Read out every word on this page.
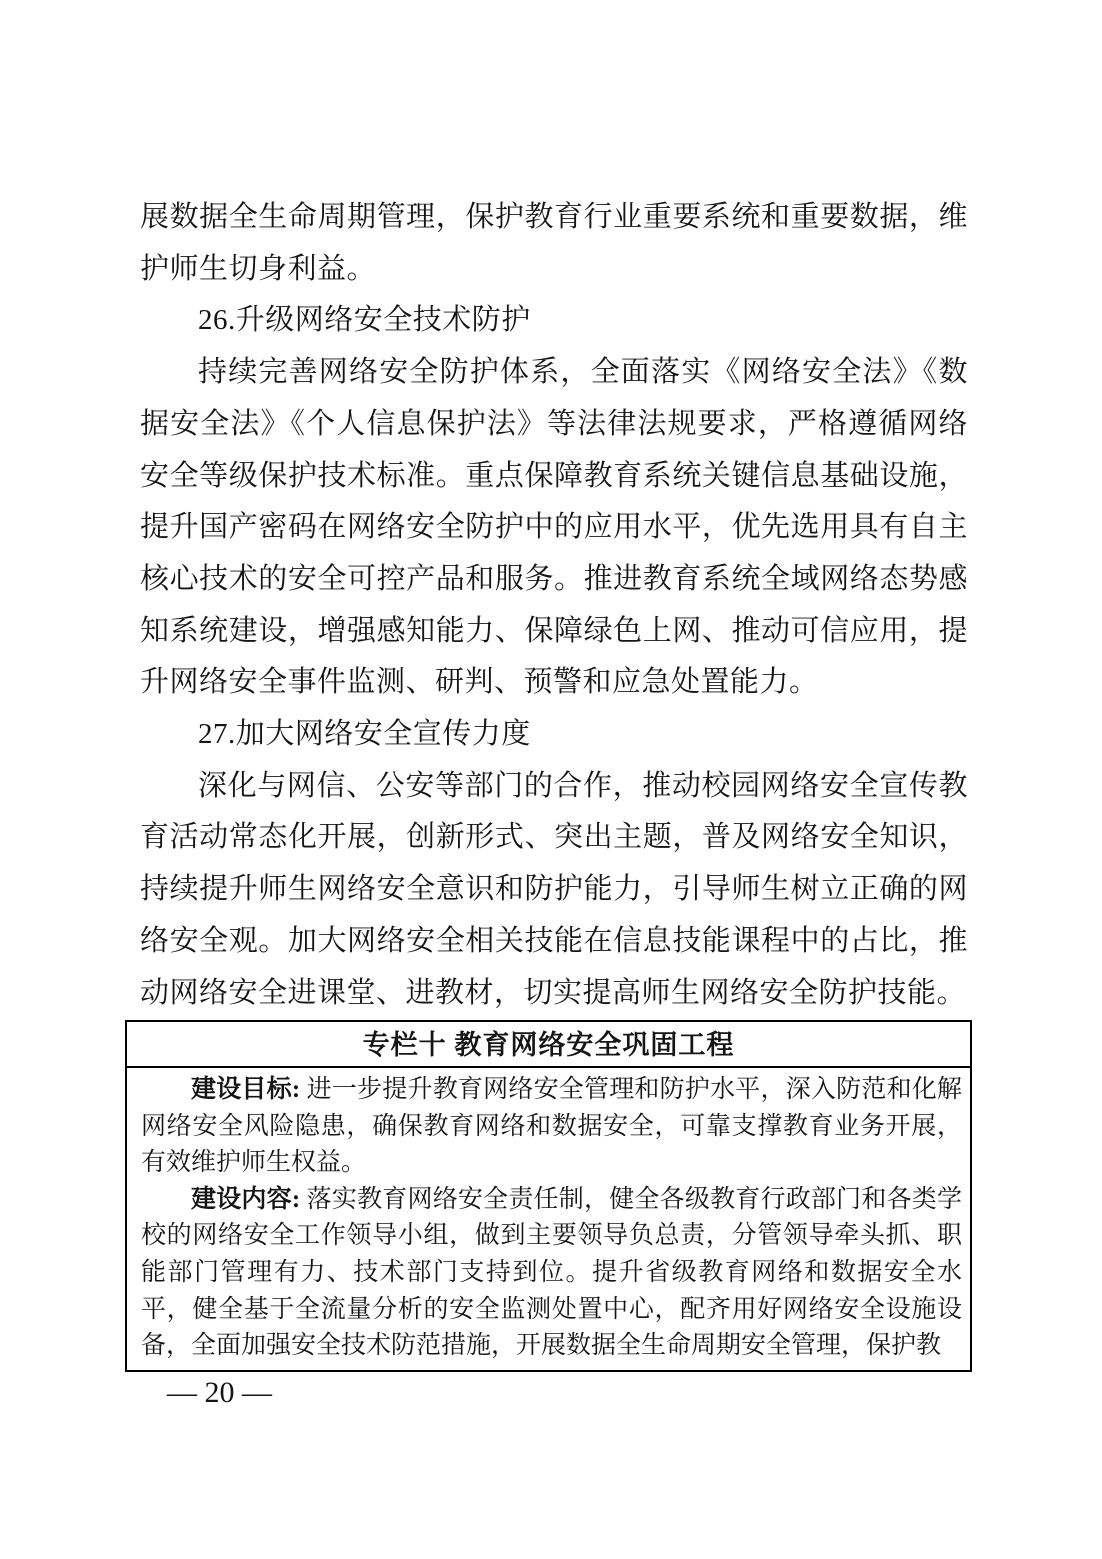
展数据全生命周期管理，保护教育行业重要系统和重要数据，维护师生切身利益。

26.升级网络安全技术防护

持续完善网络安全防护体系，全面落实《网络安全法》《数据安全法》《个人信息保护法》等法律法规要求，严格遵循网络安全等级保护技术标准。重点保障教育系统关键信息基础设施，提升国产密码在网络安全防护中的应用水平，优先选用具有自主核心技术的安全可控产品和服务。推进教育系统全域网络态势感知系统建设，增强感知能力、保障绿色上网、推动可信应用，提升网络安全事件监测、研判、预警和应急处置能力。

27.加大网络安全宣传力度

深化与网信、公安等部门的合作，推动校园网络安全宣传教育活动常态化开展，创新形式、突出主题，普及网络安全知识，持续提升师生网络安全意识和防护能力，引导师生树立正确的网络安全观。加大网络安全相关技能在信息技能课程中的占比，推动网络安全进课堂、进教材，切实提高师生网络安全防护技能。

专栏十 教育网络安全巩固工程

建设目标: 进一步提升教育网络安全管理和防护水平，深入防范和化解网络安全风险隐患，确保教育网络和数据安全，可靠支撑教育业务开展，有效维护师生权益。

建设内容: 落实教育网络安全责任制，健全各级教育行政部门和各类学校的网络安全工作领导小组，做到主要领导负总责，分管领导牵头抓、职能部门管理有力、技术部门支持到位。提升省级教育网络和数据安全水平，健全基于全流量分析的安全监测处置中心，配齐用好网络安全设施设备，全面加强安全技术防范措施，开展数据全生命周期安全管理，保护教

— 20 —
